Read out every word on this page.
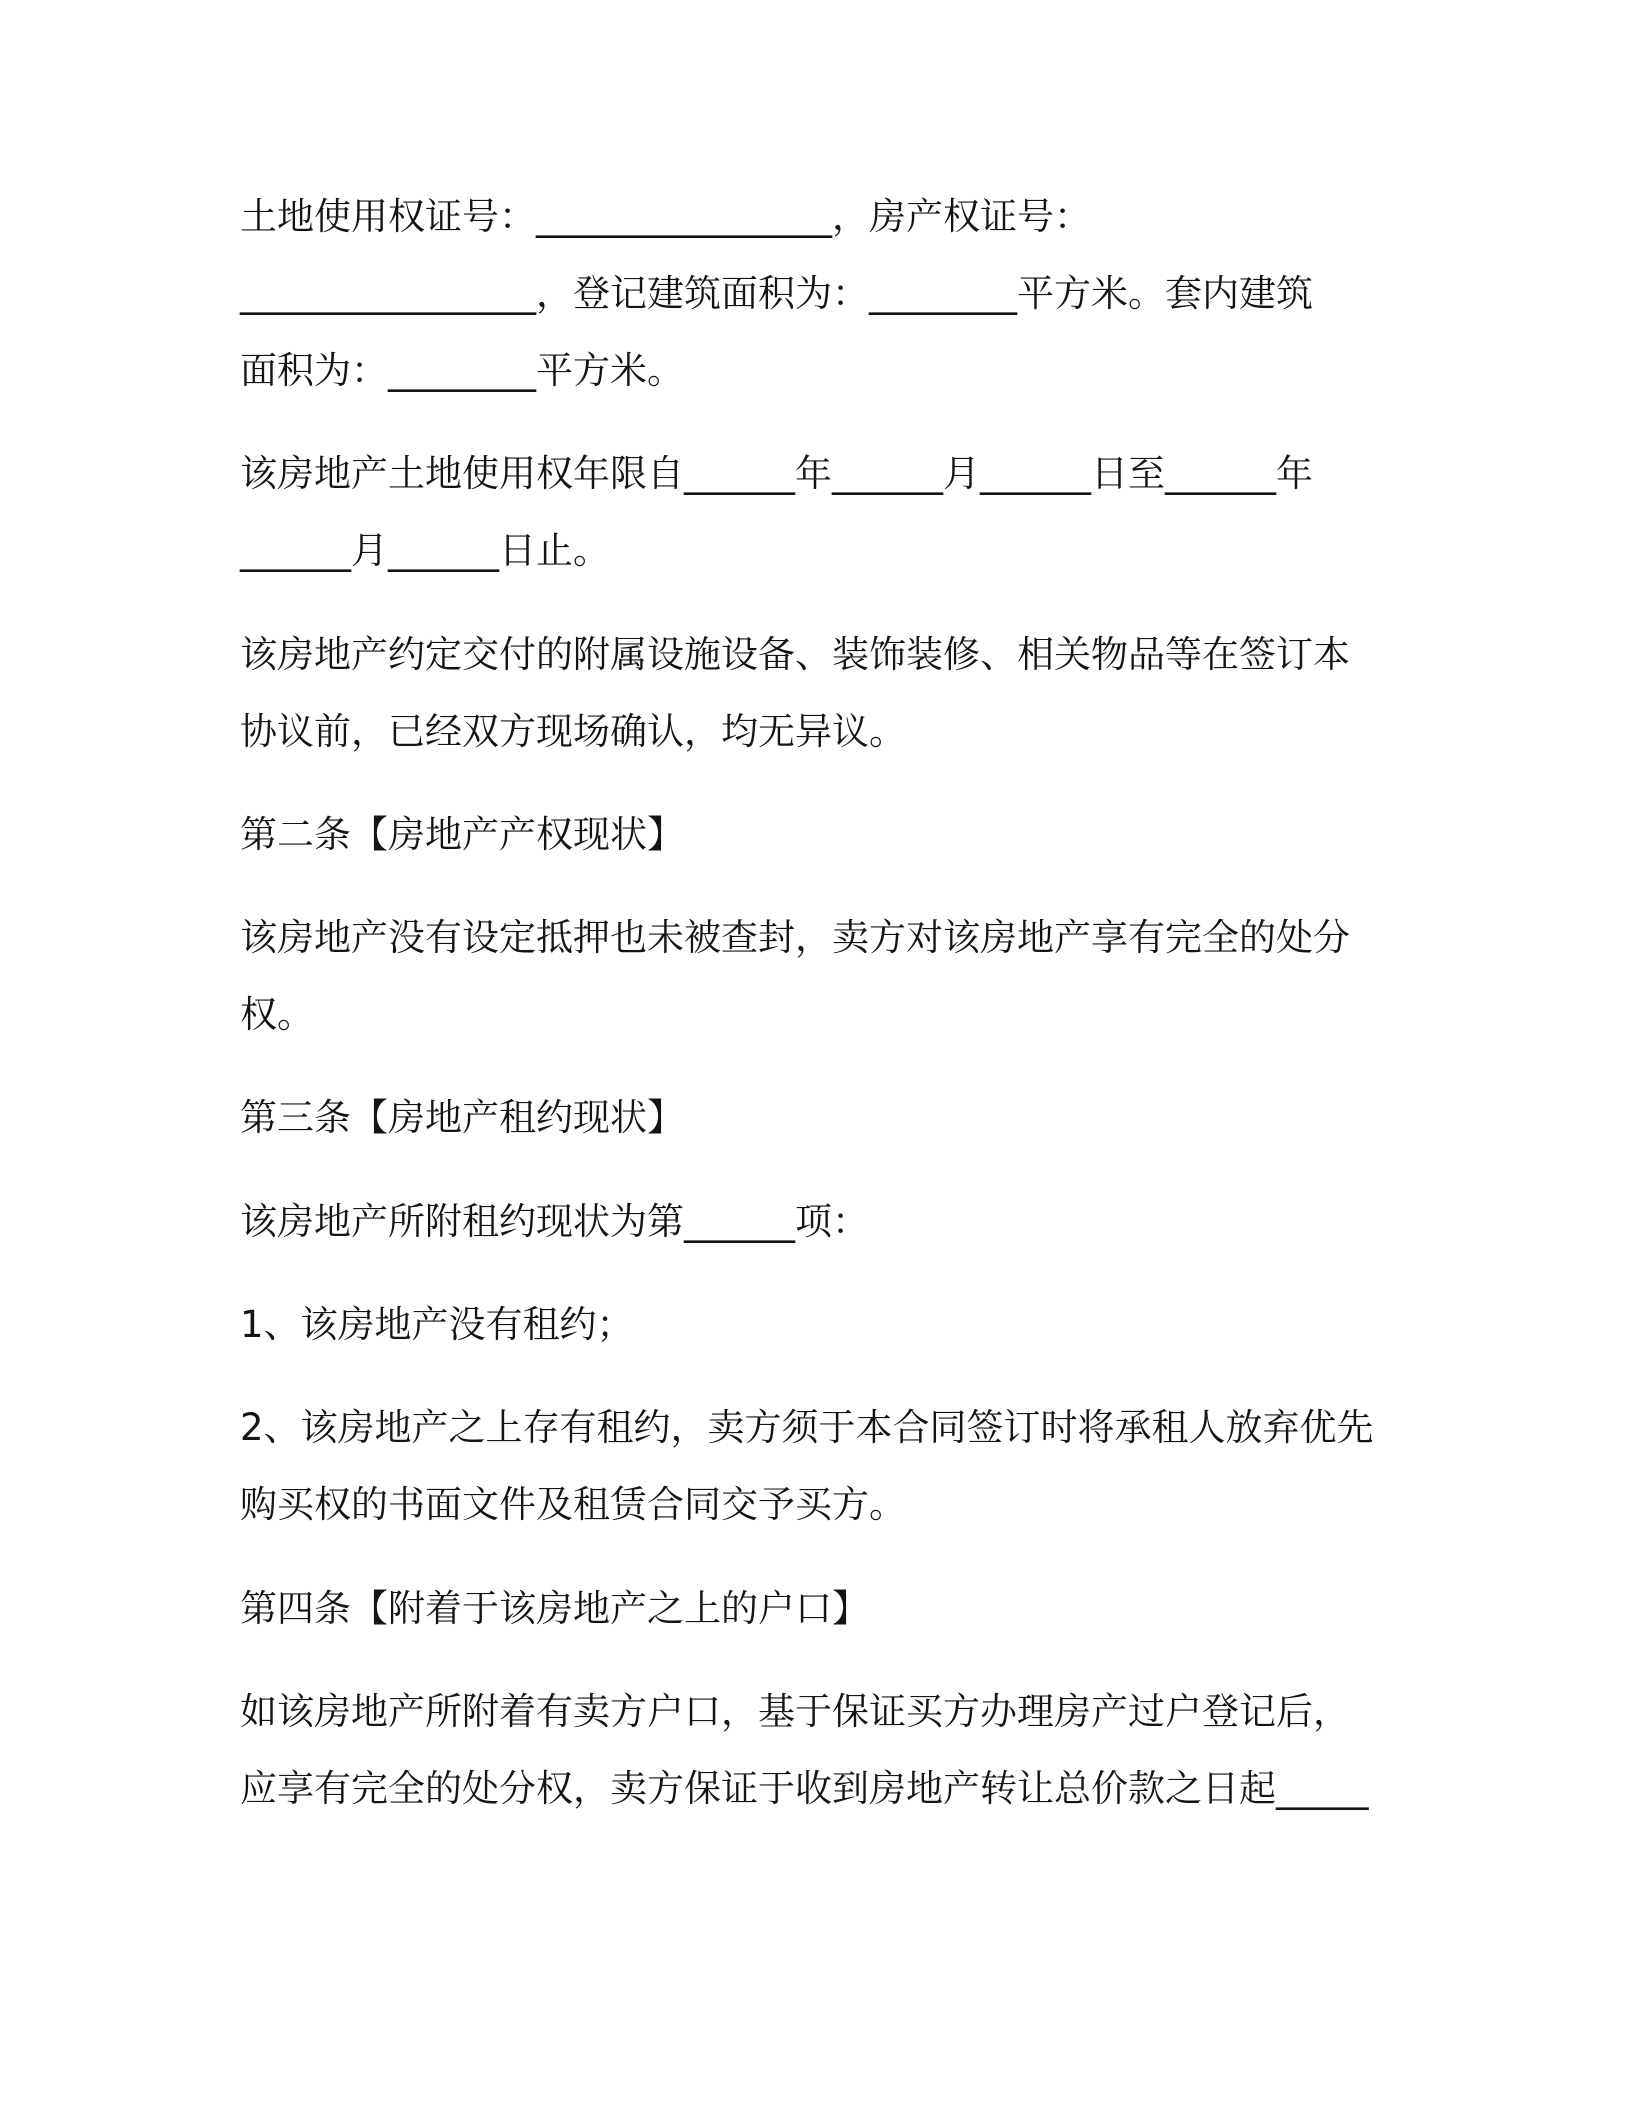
土地使用权证号：________________，房产权证号：
________________，登记建筑面积为：________平方米。套内建筑
面积为：________平方米。
该房地产土地使用权年限自______年______月______日至______年
______月______日止。
该房地产约定交付的附属设施设备、装饰装修、相关物品等在签订本
协议前，已经双方现场确认，均无异议。
第二条【房地产产权现状】
该房地产没有设定抵押也未被查封，卖方对该房地产享有完全的处分
权。
第三条【房地产租约现状】
该房地产所附租约现状为第______项：
1、该房地产没有租约；
2、该房地产之上存有租约，卖方须于本合同签订时将承租人放弃优先
购买权的书面文件及租赁合同交予买方。
第四条【附着于该房地产之上的户口】
如该房地产所附着有卖方户口，基于保证买方办理房产过户登记后，
应享有完全的处分权，卖方保证于收到房地产转让总价款之日起_____
